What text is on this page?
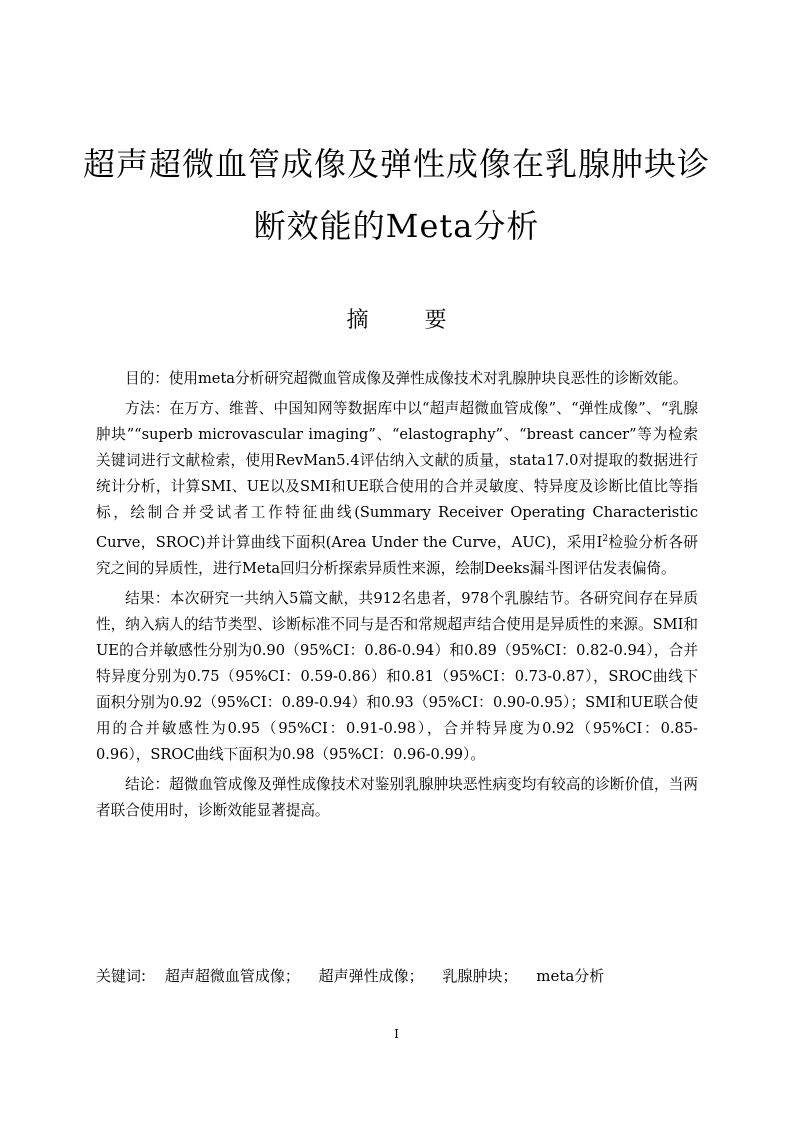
超声超微血管成像及弹性成像在乳腺肿块诊
断效能的Meta分析
摘	要

目的：使用meta分析研究超微血管成像及弹性成像技术对乳腺肿块良恶性的诊断效能。

方法：在万方、维普、中国知网等数据库中以“超声超微血管成像”、“弹性成像”、“乳腺肿块”“superb microvascular imaging”、“elastography”、“breast cancer”等为检索关键词进行文献检索，使用RevMan5.4评估纳入文献的质量，stata17.0对提取的数据进行统计分析，计算SMI、UE以及SMI和UE联合使用的合并灵敏度、特异度及诊断比值比等指标，绘制合并受试者工作特征曲线(Summary Receiver Operating Characteristic Curve，SROC)并计算曲线下面积(Area Under the Curve，AUC)，采用$I^2$检验分析各研究之间的异质性，进行Meta回归分析探索异质性来源，绘制Deeks漏斗图评估发表偏倚。

结果：本次研究一共纳入5篇文献，共912名患者，978个乳腺结节。各研究间存在异质性，纳入病人的结节类型、诊断标准不同与是否和常规超声结合使用是异质性的来源。SMI和UE的合并敏感性分别为0.90（95%CI：0.86-0.94）和0.89（95%CI：0.82-0.94），合并特异度分别为0.75（95%CI：0.59-0.86）和0.81（95%CI：0.73-0.87），SROC曲线下面积分别为0.92（95%CI：0.89-0.94）和0.93（95%CI：0.90-0.95）；SMI和UE联合使用的合并敏感性为0.95（95%CI：0.91-0.98），合并特异度为0.92（95%CI：0.85-0.96），SROC曲线下面积为0.98（95%CI：0.96-0.99）。

结论：超微血管成像及弹性成像技术对鉴别乳腺肿块恶性病变均有较高的诊断价值，当两者联合使用时，诊断效能显著提高。

关键词: 超声超微血管成像； 超声弹性成像； 乳腺肿块； meta分析
I
